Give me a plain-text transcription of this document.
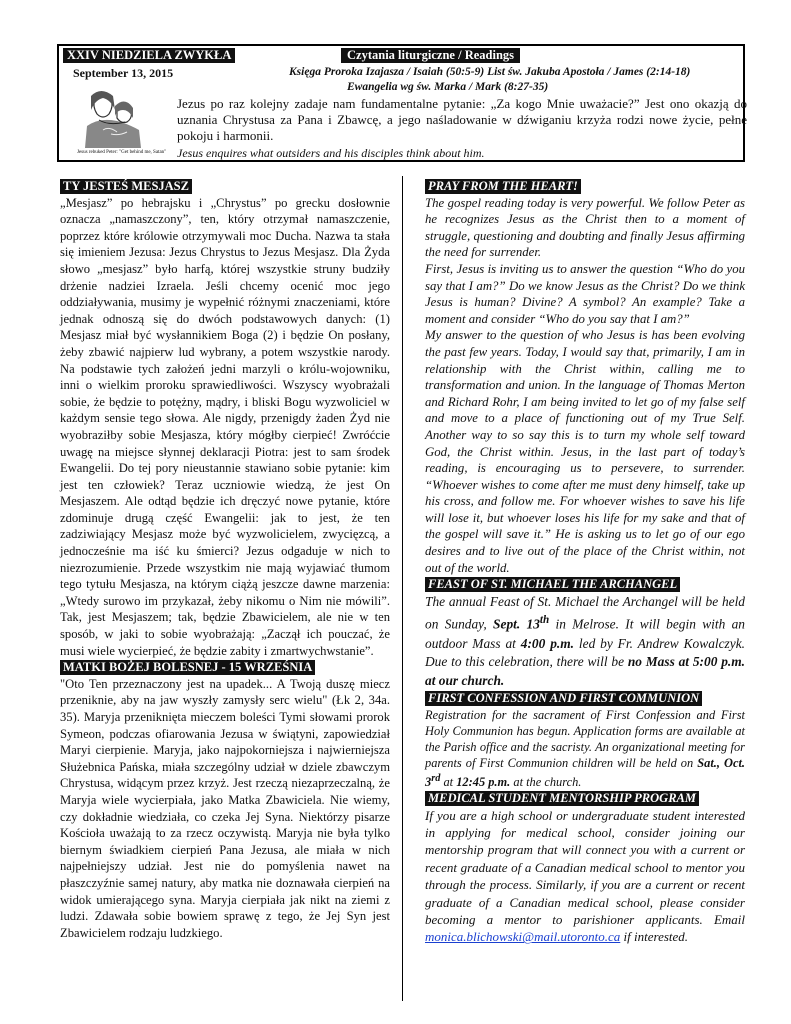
XXIV NIEDZIELA ZWYKŁA	Czytania liturgiczne / Readings
September 13, 2015	Księga Proroka Izajasza / Isaiah (50:5-9) List św. Jakuba Apostoła / James (2:14-18)
Ewangelia wg św. Marka / Mark (8:27-35)
Jesus rebuked Peter: "Get behind me, Satan"
Jezus po raz kolejny zadaje nam fundamentalne pytanie: „Za kogo Mnie uważacie?” Jest ono okazją do uznania Chrystusa za Pana i Zbawcę, a jego naśladowanie w dźwiganiu krzyża rodzi nowe życie, pełne pokoju i harmonii.
Jesus enquires what outsiders and his disciples think about him.
TY JESTEŚ MESJASZ

„Mesjasz” po hebrajsku i „Chrystus” po grecku dosłownie oznacza „namaszczony”, ten, który otrzymał namaszczenie, poprzez które królowie otrzymywali moc Ducha. Nazwa ta stała się imieniem Jezusa: Jezus Chrystus to Jezus Mesjasz. Dla Żyda słowo „mesjasz” było harfą, której wszystkie struny budziły drżenie nadziei Izraela. Jeśli chcemy ocenić moc jego oddziaływania, musimy je wypełnić różnymi znaczeniami, które jednak odnoszą się do dwóch podstawowych danych: (1) Mesjasz miał być wysłannikiem Boga (2) i będzie On posłany, żeby zbawić najpierw lud wybrany, a potem wszystkie narody. Na podstawie tych założeń jedni marzyli o królu-wojowniku, inni o wielkim proroku sprawiedliwości. Wszyscy wyobrażali sobie, że będzie to potężny, mądry, i bliski Bogu wyzwoliciel w każdym sensie tego słowa. Ale nigdy, przenigdy żaden Żyd nie wyobraziłby sobie Mesjasza, który mógłby cierpieć! Zwróćcie uwagę na miejsce słynnej deklaracji Piotra: jest to sam środek Ewangelii. Do tej pory nieustannie stawiano sobie pytanie: kim jest ten człowiek? Teraz uczniowie wiedzą, że jest On Mesjaszem. Ale odtąd będzie ich dręczyć nowe pytanie, które zdominuje drugą część Ewangelii: jak to jest, że ten zadziwiający Mesjasz może być wyzwolicielem, zwycięzcą, a jednocześnie ma iść ku śmierci? Jezus odgaduje w nich to niezrozumienie. Przede wszystkim nie mają wyjawiać tłumom tego tytułu Mesjasza, na którym ciążą jeszcze dawne marzenia: „Wtedy surowo im przykazał, żeby nikomu o Nim nie mówili”. Tak, jest Mesjaszem; tak, będzie Zbawicielem, ale nie w ten sposób, w jaki to sobie wyobrażają: „Zaczął ich pouczać, że musi wiele wycierpieć, że będzie zabity i zmartwychwstanie”.

MATKI BOŻEJ BOLESNEJ - 15 WRZEŚNIA

"Oto Ten przeznaczony jest na upadek... A Twoją duszę miecz przeniknie, aby na jaw wyszły zamysły serc wielu" (Łk 2, 34a. 35). Maryja przeniknięta mieczem boleści Tymi słowami prorok Symeon, podczas ofiarowania Jezusa w świątyni, zapowiedział Maryi cierpienie. Maryja, jako najpokorniejsza i najwierniejsza Służebnica Pańska, miała szczególny udział w dziele zbawczym Chrystusa, widącym przez krzyż. Jest rzeczą niezaprzeczalną, że Maryja wiele wycierpiała, jako Matka Zbawiciela. Nie wiemy, czy dokładnie wiedziała, co czeka Jej Syna. Niektórzy pisarze Kościoła uważają to za rzecz oczywistą. Maryja nie była tylko biernym świadkiem cierpień Pana Jezusa, ale miała w nich najpełniejszy udział. Jest nie do pomyślenia nawet na płaszczyźnie samej natury, aby matka nie doznawała cierpień na widok umierającego syna. Maryja cierpiała jak nikt na ziemi z ludzi. Zdawała sobie bowiem sprawę z tego, że Jej Syn jest Zbawicielem rodzaju ludzkiego.

PRAY FROM THE HEART!

The gospel reading today is very powerful. We follow Peter as he recognizes Jesus as the Christ then to a moment of struggle, questioning and doubting and finally Jesus affirming the need for surrender.

First, Jesus is inviting us to answer the question “Who do you say that I am?” Do we know Jesus as the Christ? Do we think Jesus is human? Divine? A symbol? An example? Take a moment and consider “Who do you say that I am?”

My answer to the question of who Jesus is has been evolving the past few years. Today, I would say that, primarily, I am in relationship with the Christ within, calling me to transformation and union. In the language of Thomas Merton and Richard Rohr, I am being invited to let go of my false self and move to a place of functioning out of my True Self. Another way to so say this is to turn my whole self toward God, the Christ within. Jesus, in the last part of today’s reading, is encouraging us to persevere, to surrender. “Whoever wishes to come after me must deny himself, take up his cross, and follow me. For whoever wishes to save his life will lose it, but whoever loses his life for my sake and that of the gospel will save it.” He is asking us to let go of our ego desires and to live out of the place of the Christ within, not out of the world.

FEAST OF ST. MICHAEL THE ARCHANGEL

The annual Feast of St. Michael the Archangel will be held on Sunday, Sept. 13th in Melrose. It will begin with an outdoor Mass at 4:00 p.m. led by Fr. Andrew Kowalczyk. Due to this celebration, there will be no Mass at 5:00 p.m. at our church.

FIRST CONFESSION AND FIRST COMMUNION

Registration for the sacrament of First Confession and First Holy Communion has begun. Application forms are available at the Parish office and the sacristy. An organizational meeting for parents of First Communion children will be held on Sat., Oct. 3rd at 12:45 p.m. at the church.

MEDICAL STUDENT MENTORSHIP PROGRAM

If you are a high school or undergraduate student interested in applying for medical school, consider joining our mentorship program that will connect you with a current or recent graduate of a Canadian medical school to mentor you through the process. Similarly, if you are a current or recent graduate of a Canadian medical school, please consider becoming a mentor to parishioner applicants. Email monica.blichowski@mail.utoronto.ca if interested.
